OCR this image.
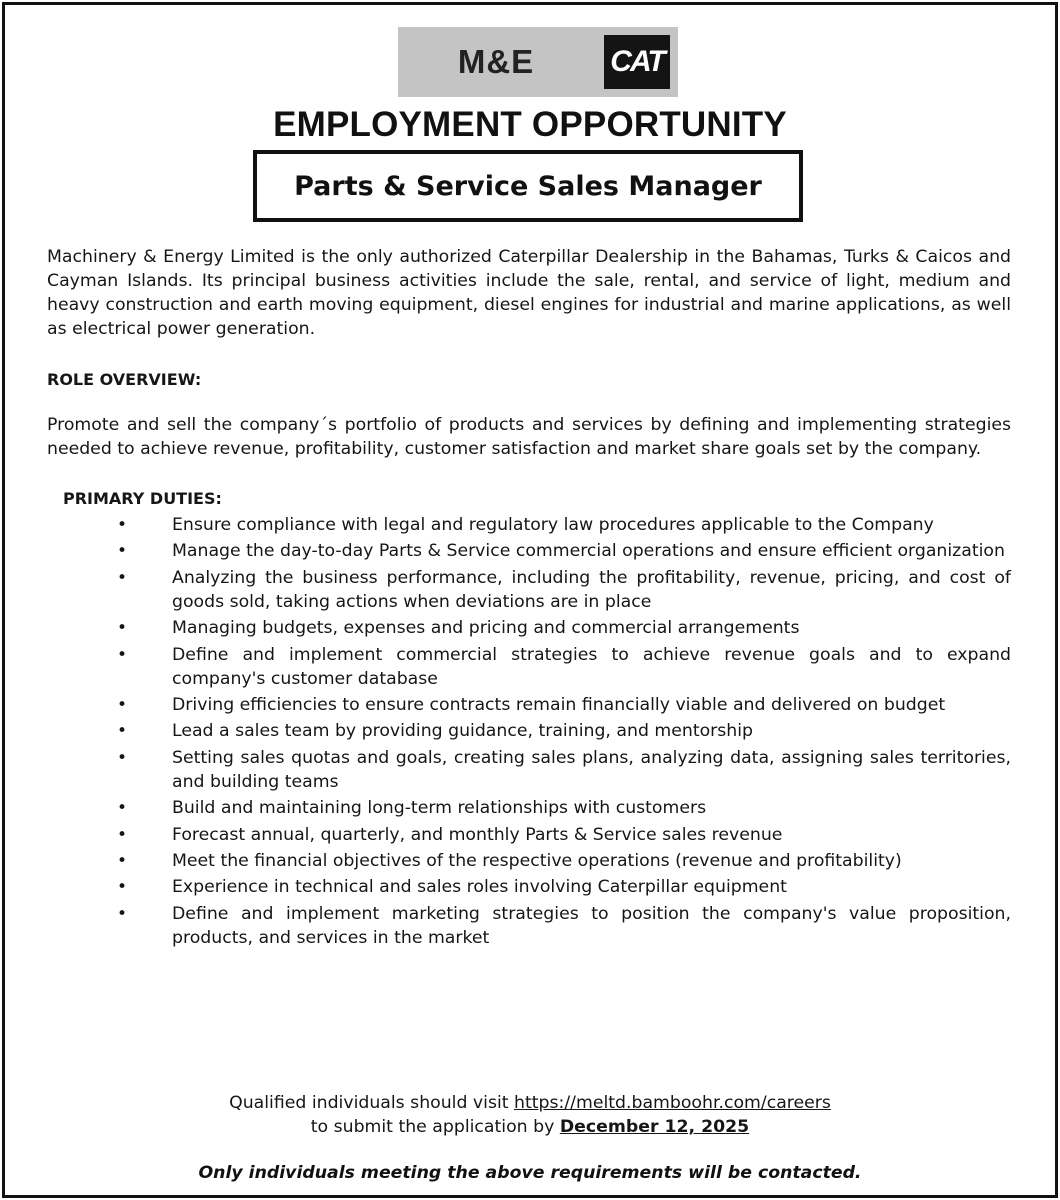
M&E	CAT
EMPLOYMENT OPPORTUNITY
Parts & Service Sales Manager

Machinery & Energy Limited is the only authorized Caterpillar Dealership in the Bahamas, Turks & Caicos and Cayman Islands. Its principal business activities include the sale, rental, and service of light, medium and heavy construction and earth moving equipment, diesel engines for industrial and marine applications, as well as electrical power generation.

ROLE OVERVIEW:

Promote and sell the company´s portfolio of products and services by defining and implementing strategies needed to achieve revenue, profitability, customer satisfaction and market share goals set by the company.

PRIMARY DUTIES:
•	Ensure compliance with legal and regulatory law procedures applicable to the Company
•	Manage the day-to-day Parts & Service commercial operations and ensure efficient organization
•	Analyzing the business performance, including the profitability, revenue, pricing, and cost of goods sold, taking actions when deviations are in place
•	Managing budgets, expenses and pricing and commercial arrangements
•	Define and implement commercial strategies to achieve revenue goals and to expand company's customer database
•	Driving efficiencies to ensure contracts remain financially viable and delivered on budget
•	Lead a sales team by providing guidance, training, and mentorship
•	Setting sales quotas and goals, creating sales plans, analyzing data, assigning sales territories, and building teams
•	Build and maintaining long-term relationships with customers
•	Forecast annual, quarterly, and monthly Parts & Service sales revenue
•	Meet the financial objectives of the respective operations (revenue and profitability)
•	Experience in technical and sales roles involving Caterpillar equipment
•	Define and implement marketing strategies to position the company's value proposition, products, and services in the market
Qualified individuals should visit https://meltd.bamboohr.com/careers
to submit the application by December 12, 2025
Only individuals meeting the above requirements will be contacted.
